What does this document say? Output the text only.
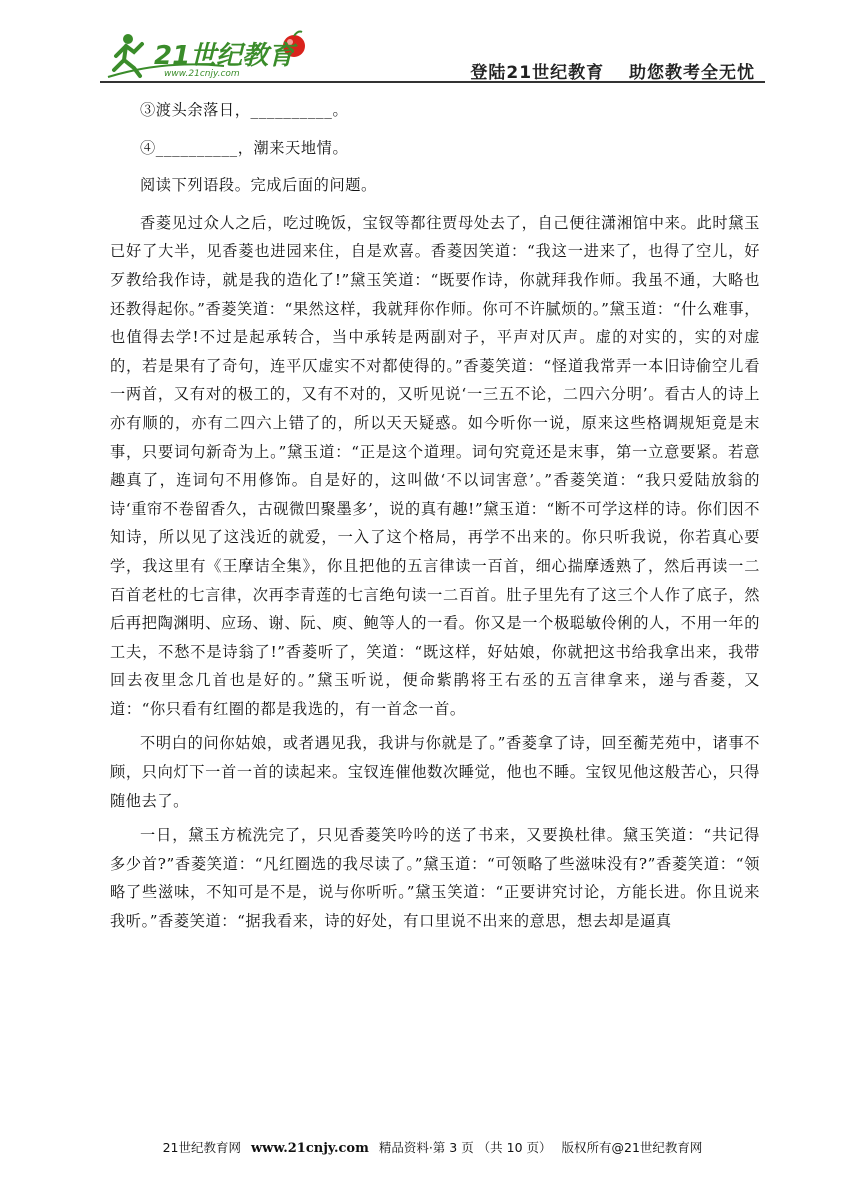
21世纪教育
www.21cnjy.com	登陆21世纪教育　 助您教考全无忧

③渡头余落日，__________。

④__________，潮来天地情。

阅读下列语段。完成后面的问题。

香菱见过众人之后，吃过晚饭，宝钗等都往贾母处去了，自己便往潇湘馆中来。此时黛玉已好了大半，见香菱也进园来住，自是欢喜。香菱因笑道：“我这一进来了，也得了空儿，好歹教给我作诗，就是我的造化了!”黛玉笑道：“既要作诗，你就拜我作师。我虽不通，大略也还教得起你。”香菱笑道：“果然这样，我就拜你作师。你可不许腻烦的。”黛玉道：“什么难事，也值得去学!不过是起承转合，当中承转是两副对子，平声对仄声。虚的对实的，实的对虚的，若是果有了奇句，连平仄虚实不对都使得的。”香菱笑道：“怪道我常弄一本旧诗偷空儿看一两首，又有对的极工的，又有不对的，又听见说‘一三五不论，二四六分明’。看古人的诗上亦有顺的，亦有二四六上错了的，所以天天疑惑。如今听你一说，原来这些格调规矩竟是末事，只要词句新奇为上。”黛玉道：“正是这个道理。词句究竟还是末事，第一立意要紧。若意趣真了，连词句不用修饰。自是好的，这叫做‘不以词害意’。”香菱笑道：“我只爱陆放翁的诗‘重帘不卷留香久，古砚微凹聚墨多’，说的真有趣!”黛玉道：“断不可学这样的诗。你们因不知诗，所以见了这浅近的就爱，一入了这个格局，再学不出来的。你只听我说，你若真心要学，我这里有《王摩诘全集》，你且把他的五言律读一百首，细心揣摩透熟了，然后再读一二百首老杜的七言律，次再李青莲的七言绝句读一二百首。肚子里先有了这三个人作了底子，然后再把陶渊明、应玚、谢、阮、庾、鲍等人的一看。你又是一个极聪敏伶俐的人，不用一年的工夫，不愁不是诗翁了!”香菱听了，笑道：“既这样，好姑娘，你就把这书给我拿出来，我带回去夜里念几首也是好的。”黛玉听说，便命紫鹃将王右丞的五言律拿来，递与香菱，又道：“你只看有红圈的都是我选的，有一首念一首。

不明白的问你姑娘，或者遇见我，我讲与你就是了。”香菱拿了诗，回至蘅芜苑中，诸事不顾，只向灯下一首一首的读起来。宝钗连催他数次睡觉，他也不睡。宝钗见他这般苦心，只得随他去了。

一日，黛玉方梳洗完了，只见香菱笑吟吟的送了书来，又要换杜律。黛玉笑道：“共记得多少首?”香菱笑道：“凡红圈选的我尽读了。”黛玉道：“可领略了些滋味没有?”香菱笑道：“领略了些滋味，不知可是不是，说与你听听。”黛玉笑道：“正要讲究讨论，方能长进。你且说来我听。”香菱笑道：“据我看来，诗的好处，有口里说不出来的意思，想去却是逼真

21世纪教育网 www.21cnjy.com 精品资料·第 3 页 （共 10 页） 版权所有@21世纪教育网
